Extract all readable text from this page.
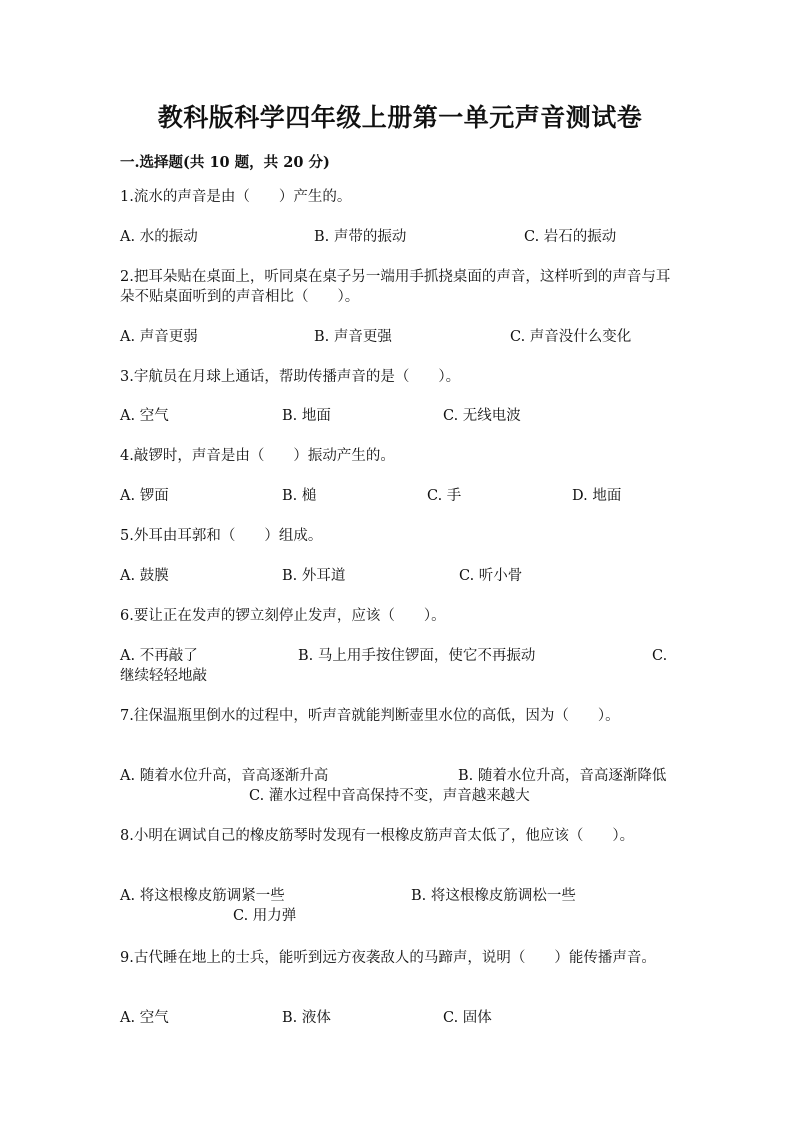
教科版科学四年级上册第一单元声音测试卷
一.选择题(共 10 题，共 20 分)
1.流水的声音是由（　　）产生的。
A. 水的振动	B. 声带的振动	C. 岩石的振动
2.把耳朵贴在桌面上，听同桌在桌子另一端用手抓挠桌面的声音，这样听到的声音与耳朵不贴桌面听到的声音相比（　　）。
A. 声音更弱	B. 声音更强	C. 声音没什么变化
3.宇航员在月球上通话，帮助传播声音的是（　　）。
A. 空气	B. 地面	C. 无线电波
4.敲锣时，声音是由（　　）振动产生的。
A. 锣面	B. 槌	C. 手	D. 地面
5.外耳由耳郭和（　　）组成。
A. 鼓膜	B. 外耳道	C. 听小骨
6.要让正在发声的锣立刻停止发声，应该（　　）。
A. 不再敲了	B. 马上用手按住锣面，使它不再振动	C. 继续轻轻地敲
7.往保温瓶里倒水的过程中，听声音就能判断壶里水位的高低，因为（　　）。
A. 随着水位升高，音高逐渐升高	B. 随着水位升高，音高逐渐降低
C. 灌水过程中音高保持不变，声音越来越大
8.小明在调试自己的橡皮筋琴时发现有一根橡皮筋声音太低了，他应该（　　）。
A. 将这根橡皮筋调紧一些	B. 将这根橡皮筋调松一些
C. 用力弹
9.古代睡在地上的士兵，能听到远方夜袭敌人的马蹄声，说明（　　）能传播声音。
A. 空气	B. 液体	C. 固体
